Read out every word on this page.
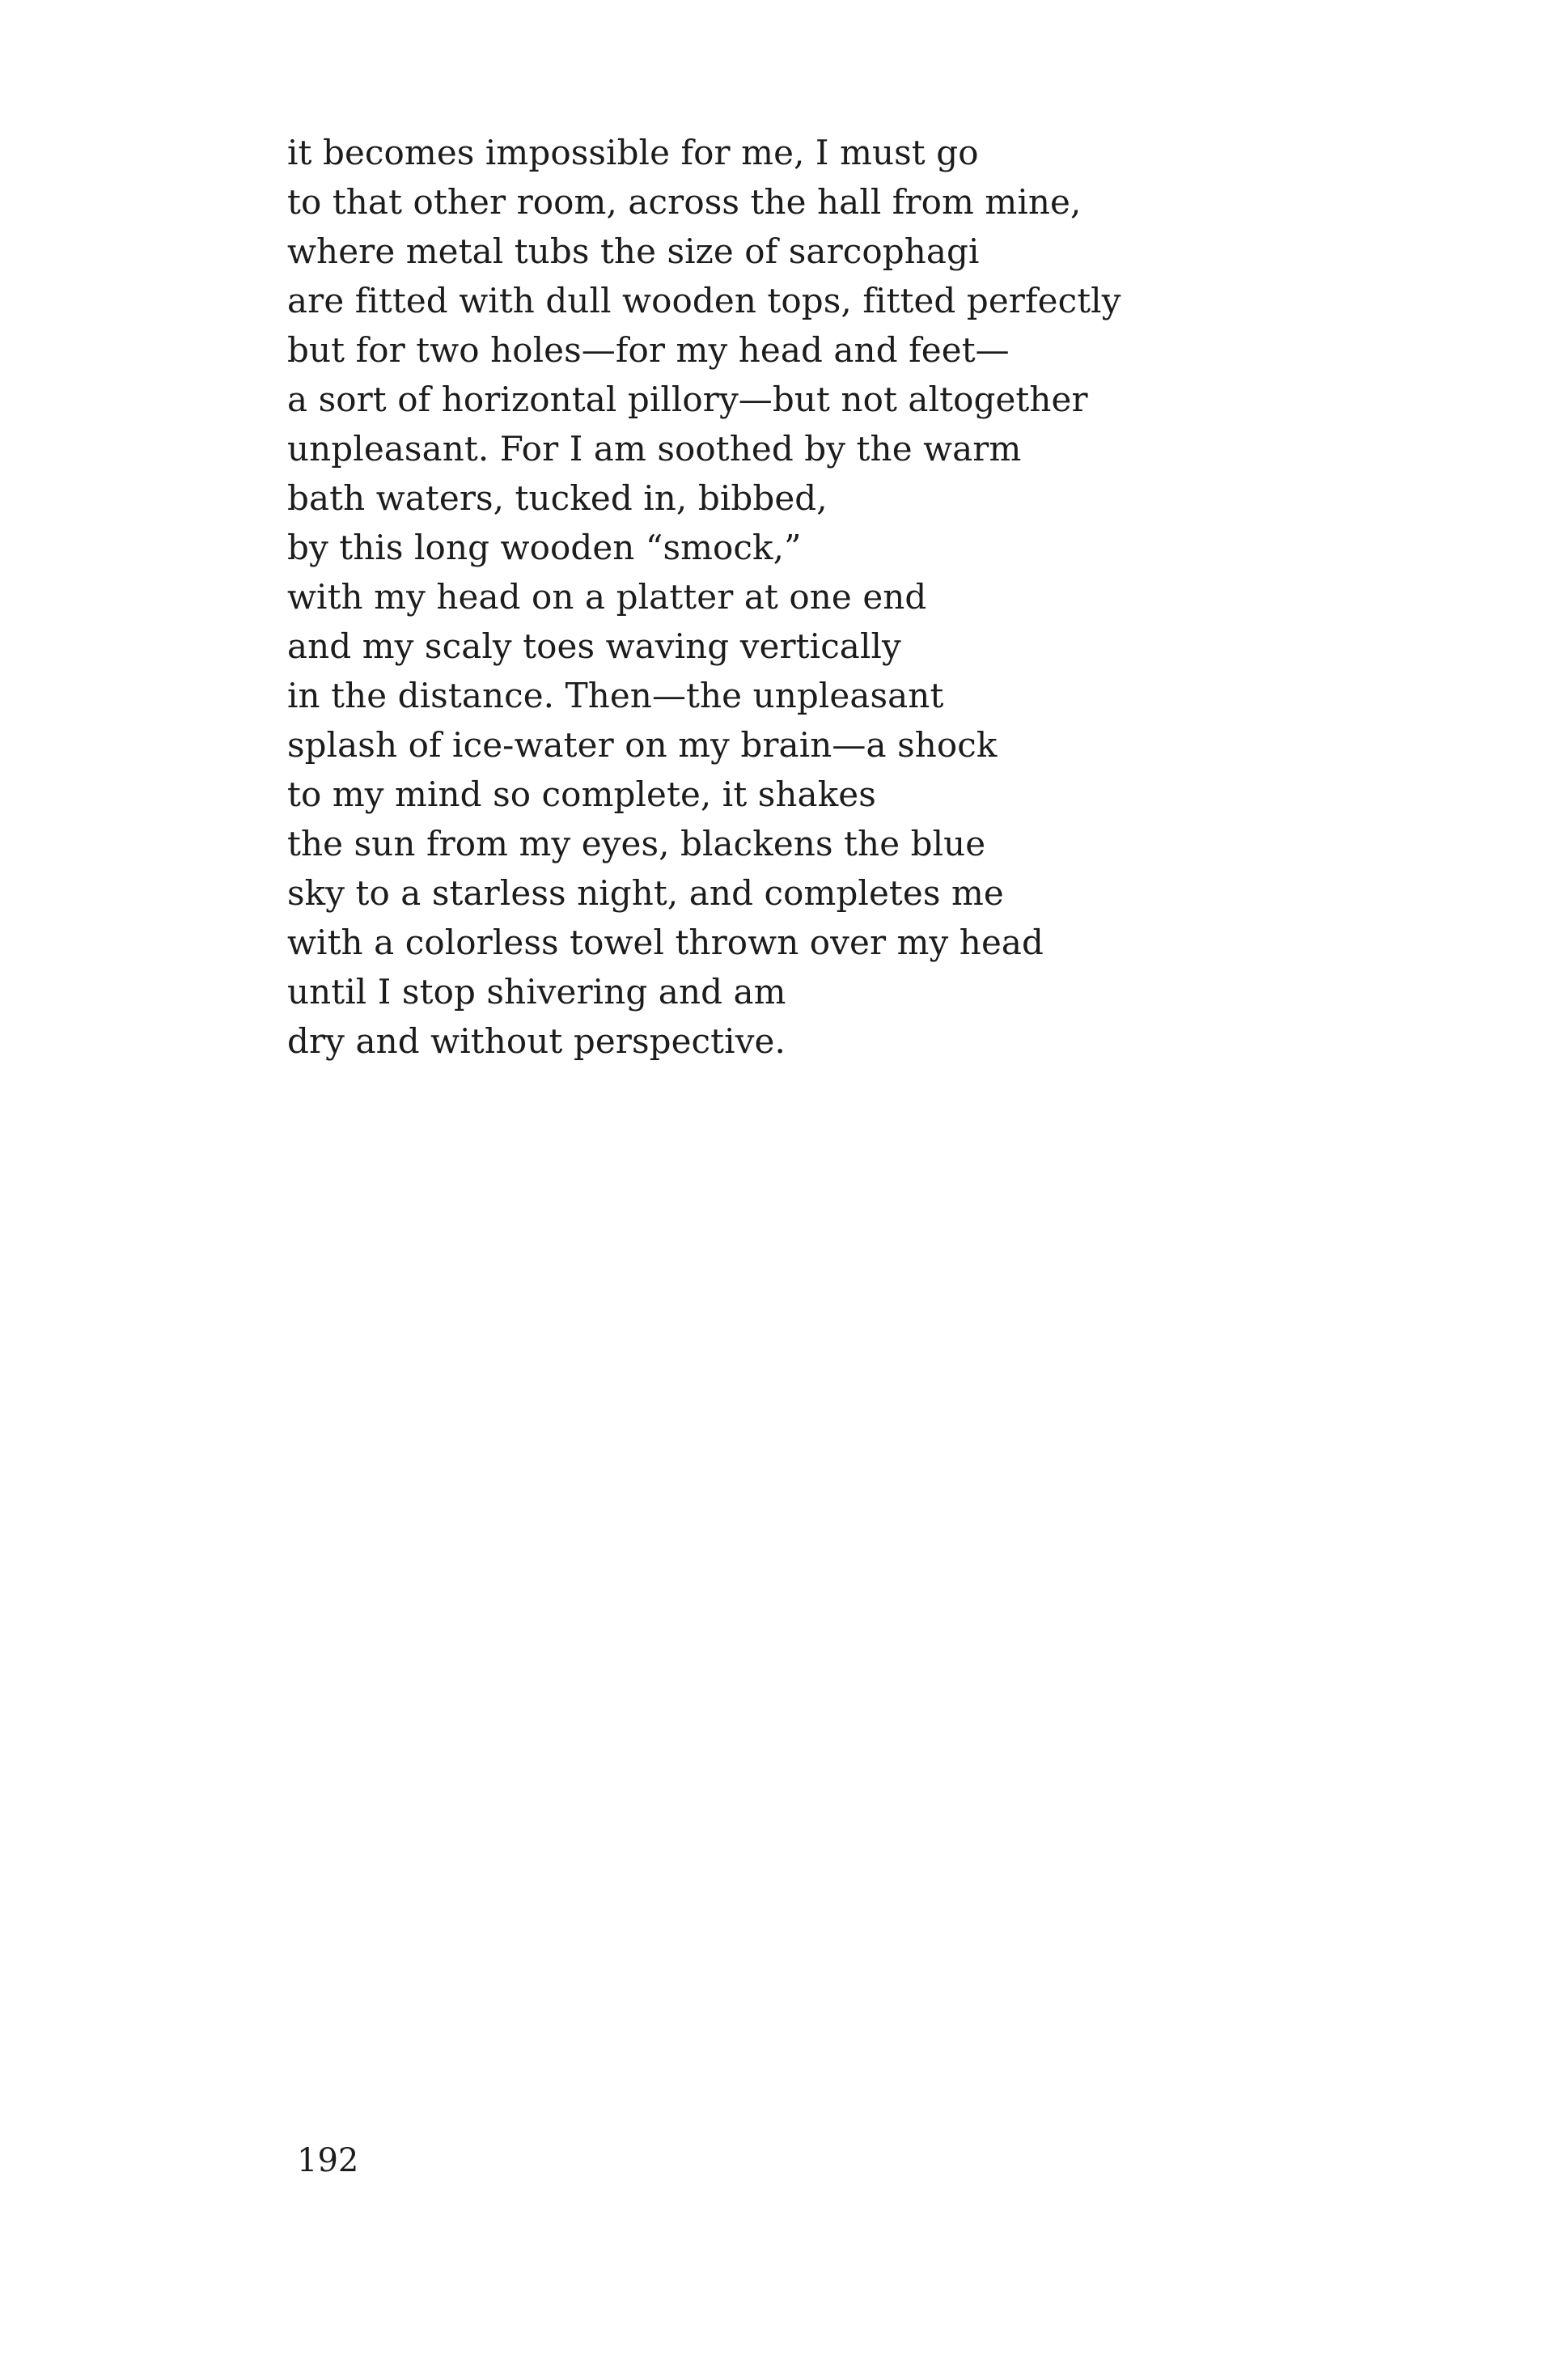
it becomes impossible for me, I must go
to that other room, across the hall from mine,
where metal tubs the size of sarcophagi
are fitted with dull wooden tops, fitted perfectly
but for two holes—for my head and feet—
a sort of horizontal pillory—but not altogether
unpleasant. For I am soothed by the warm
bath waters, tucked in, bibbed,
by this long wooden “smock,”
with my head on a platter at one end
and my scaly toes waving vertically
in the distance. Then—the unpleasant
splash of ice-water on my brain—a shock
to my mind so complete, it shakes
the sun from my eyes, blackens the blue
sky to a starless night, and completes me
with a colorless towel thrown over my head
until I stop shivering and am
dry and without perspective.
192
